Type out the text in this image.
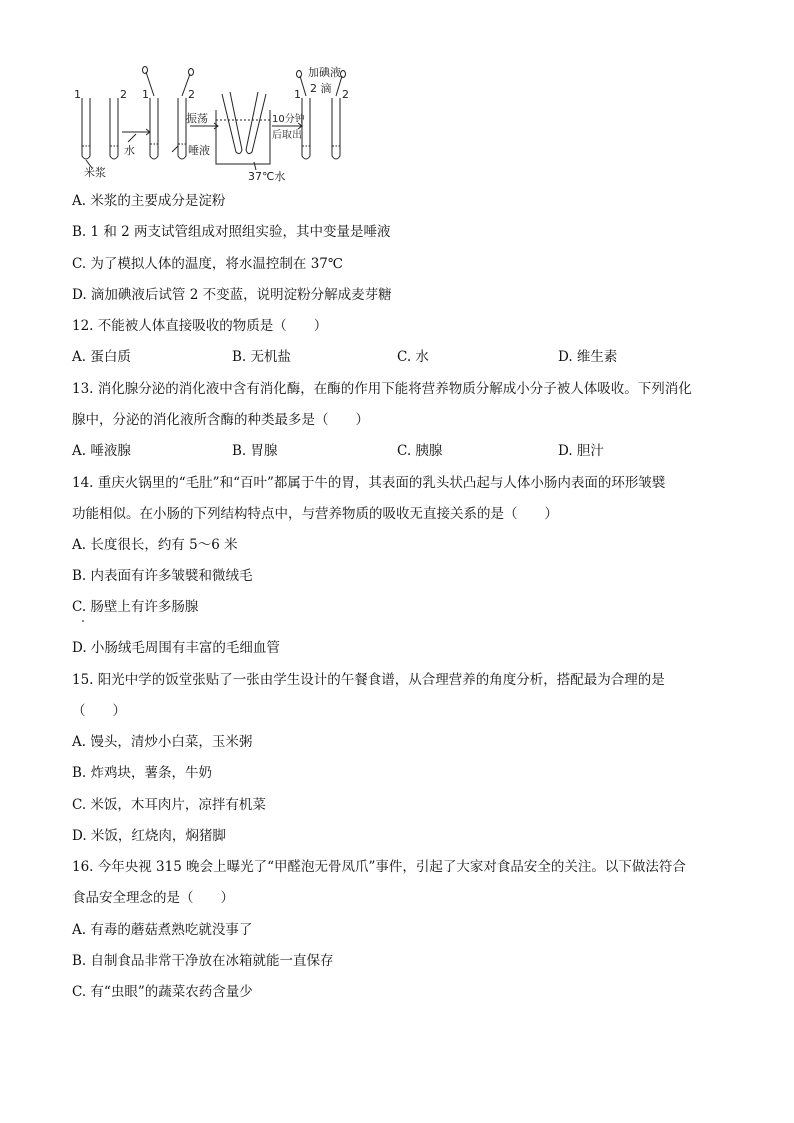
1	2
米浆
水
1	2
振荡
唾液
10分钟
后取出
37℃水
加碘液
2 滴
1	2
A. 米浆的主要成分是淀粉
B. 1 和 2 两支试管组成对照组实验，其中变量是唾液
C. 为了模拟人体的温度，将水温控制在 37℃
D. 滴加碘液后试管 2 不变蓝，说明淀粉分解成麦芽糖
12. 不能被人体直接吸收的物质是（　　）
A. 蛋白质	B. 无机盐	C. 水	D. 维生素
13. 消化腺分泌的消化液中含有消化酶，在酶的作用下能将营养物质分解成小分子被人体吸收。下列消化
腺中，分泌的消化液所含酶的种类最多是（　　）
A. 唾液腺	B. 胃腺	C. 胰腺	D. 胆汁
14. 重庆火锅里的“毛肚”和“百叶”都属于牛的胃，其表面的乳头状凸起与人体小肠内表面的环形皱襞
功能相似。在小肠的下列结构特点中，与营养物质的吸收无直接关系的是（　　）
A. 长度很长，约有 5～6 米
B. 内表面有许多皱襞和微绒毛
C. 肠壁上有许多肠腺
D. 小肠绒毛周围有丰富的毛细血管
15. 阳光中学的饭堂张贴了一张由学生设计的午餐食谱，从合理营养的角度分析，搭配最为合理的是
（　　）
A. 馒头，清炒小白菜，玉米粥
B. 炸鸡块，薯条，牛奶
C. 米饭，木耳肉片，凉拌有机菜
D. 米饭，红烧肉，焖猪脚
16. 今年央视 315 晚会上曝光了“甲醛泡无骨凤爪”事件，引起了大家对食品安全的关注。以下做法符合
食品安全理念的是（　　）
A. 有毒的蘑菇煮熟吃就没事了
B. 自制食品非常干净放在冰箱就能一直保存
C. 有“虫眼”的蔬菜农药含量少
